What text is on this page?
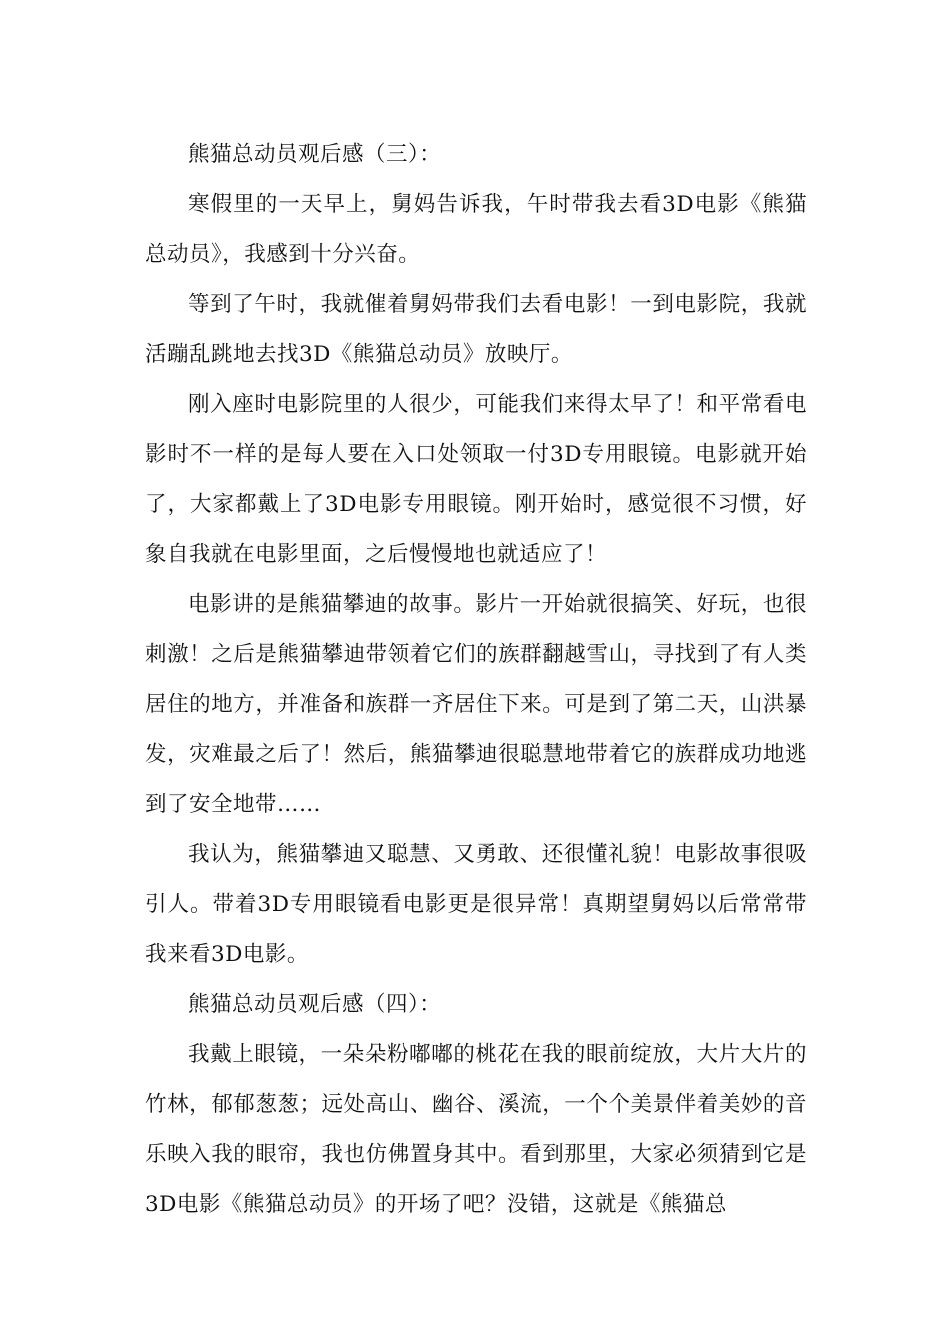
熊猫总动员观后感（三）：

寒假里的一天早上，舅妈告诉我，午时带我去看3D电影《熊猫总动员》，我感到十分兴奋。

等到了午时，我就催着舅妈带我们去看电影！一到电影院，我就活蹦乱跳地去找3D《熊猫总动员》放映厅。

刚入座时电影院里的人很少，可能我们来得太早了！和平常看电影时不一样的是每人要在入口处领取一付3D专用眼镜。电影就开始了，大家都戴上了3D电影专用眼镜。刚开始时，感觉很不习惯，好象自我就在电影里面，之后慢慢地也就适应了！

电影讲的是熊猫攀迪的故事。影片一开始就很搞笑、好玩，也很刺激！之后是熊猫攀迪带领着它们的族群翻越雪山，寻找到了有人类居住的地方，并准备和族群一齐居住下来。可是到了第二天，山洪暴发，灾难最之后了！然后，熊猫攀迪很聪慧地带着它的族群成功地逃到了安全地带……

我认为，熊猫攀迪又聪慧、又勇敢、还很懂礼貌！电影故事很吸引人。带着3D专用眼镜看电影更是很异常！真期望舅妈以后常常带我来看3D电影。

熊猫总动员观后感（四）：

我戴上眼镜，一朵朵粉嘟嘟的桃花在我的眼前绽放，大片大片的竹林，郁郁葱葱；远处高山、幽谷、溪流，一个个美景伴着美妙的音乐映入我的眼帘，我也仿佛置身其中。看到那里，大家必须猜到它是3D电影《熊猫总动员》的开场了吧？没错，这就是《熊猫总
